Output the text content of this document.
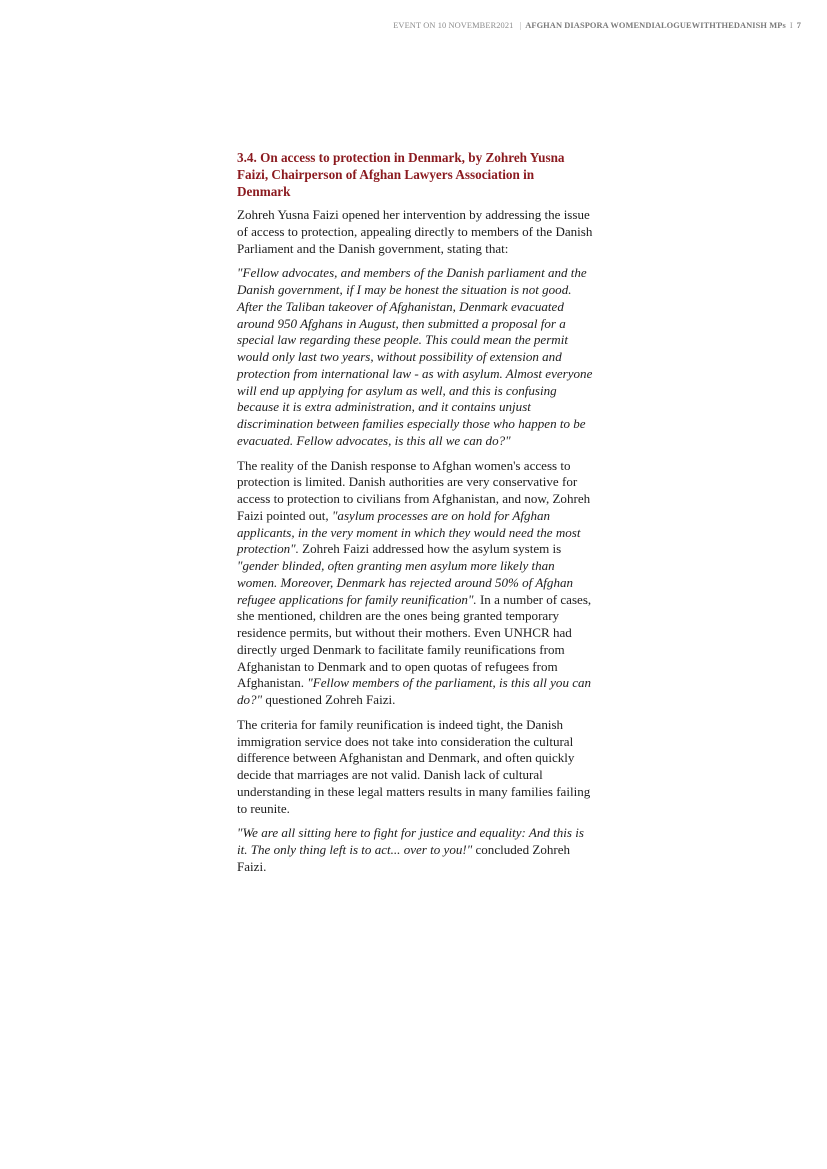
EVENT ON 10 NOVEMBER2021 | AFGHAN DIASPORA WOMENDIALOGUEWITHTHEDANISH MPs I 7
3.4. On access to protection in Denmark, by Zohreh Yusna Faizi, Chairperson of Afghan Lawyers Association in Denmark

Zohreh Yusna Faizi opened her intervention by addressing the issue of access to protection, appealing directly to members of the Danish Parliament and the Danish government, stating that:

"Fellow advocates, and members of the Danish parliament and the Danish government, if I may be honest the situation is not good. After the Taliban takeover of Afghanistan, Denmark evacuated around 950 Afghans in August, then submitted a proposal for a special law regarding these people. This could mean the permit would only last two years, without possibility of extension and protection from international law - as with asylum. Almost everyone will end up applying for asylum as well, and this is confusing because it is extra administration, and it contains unjust discrimination between families especially those who happen to be evacuated. Fellow advocates, is this all we can do?"

The reality of the Danish response to Afghan women's access to protection is limited. Danish authorities are very conservative for access to protection to civilians from Afghanistan, and now, Zohreh Faizi pointed out, "asylum processes are on hold for Afghan applicants, in the very moment in which they would need the most protection". Zohreh Faizi addressed how the asylum system is "gender blinded, often granting men asylum more likely than women. Moreover, Denmark has rejected around 50% of Afghan refugee applications for family reunification". In a number of cases, she mentioned, children are the ones being granted temporary residence permits, but without their mothers. Even UNHCR had directly urged Denmark to facilitate family reunifications from Afghanistan to Denmark and to open quotas of refugees from Afghanistan. "Fellow members of the parliament, is this all you can do?" questioned Zohreh Faizi.

The criteria for family reunification is indeed tight, the Danish immigration service does not take into consideration the cultural difference between Afghanistan and Denmark, and often quickly decide that marriages are not valid. Danish lack of cultural understanding in these legal matters results in many families failing to reunite.

"We are all sitting here to fight for justice and equality: And this is it. The only thing left is to act... over to you!" concluded Zohreh Faizi.
